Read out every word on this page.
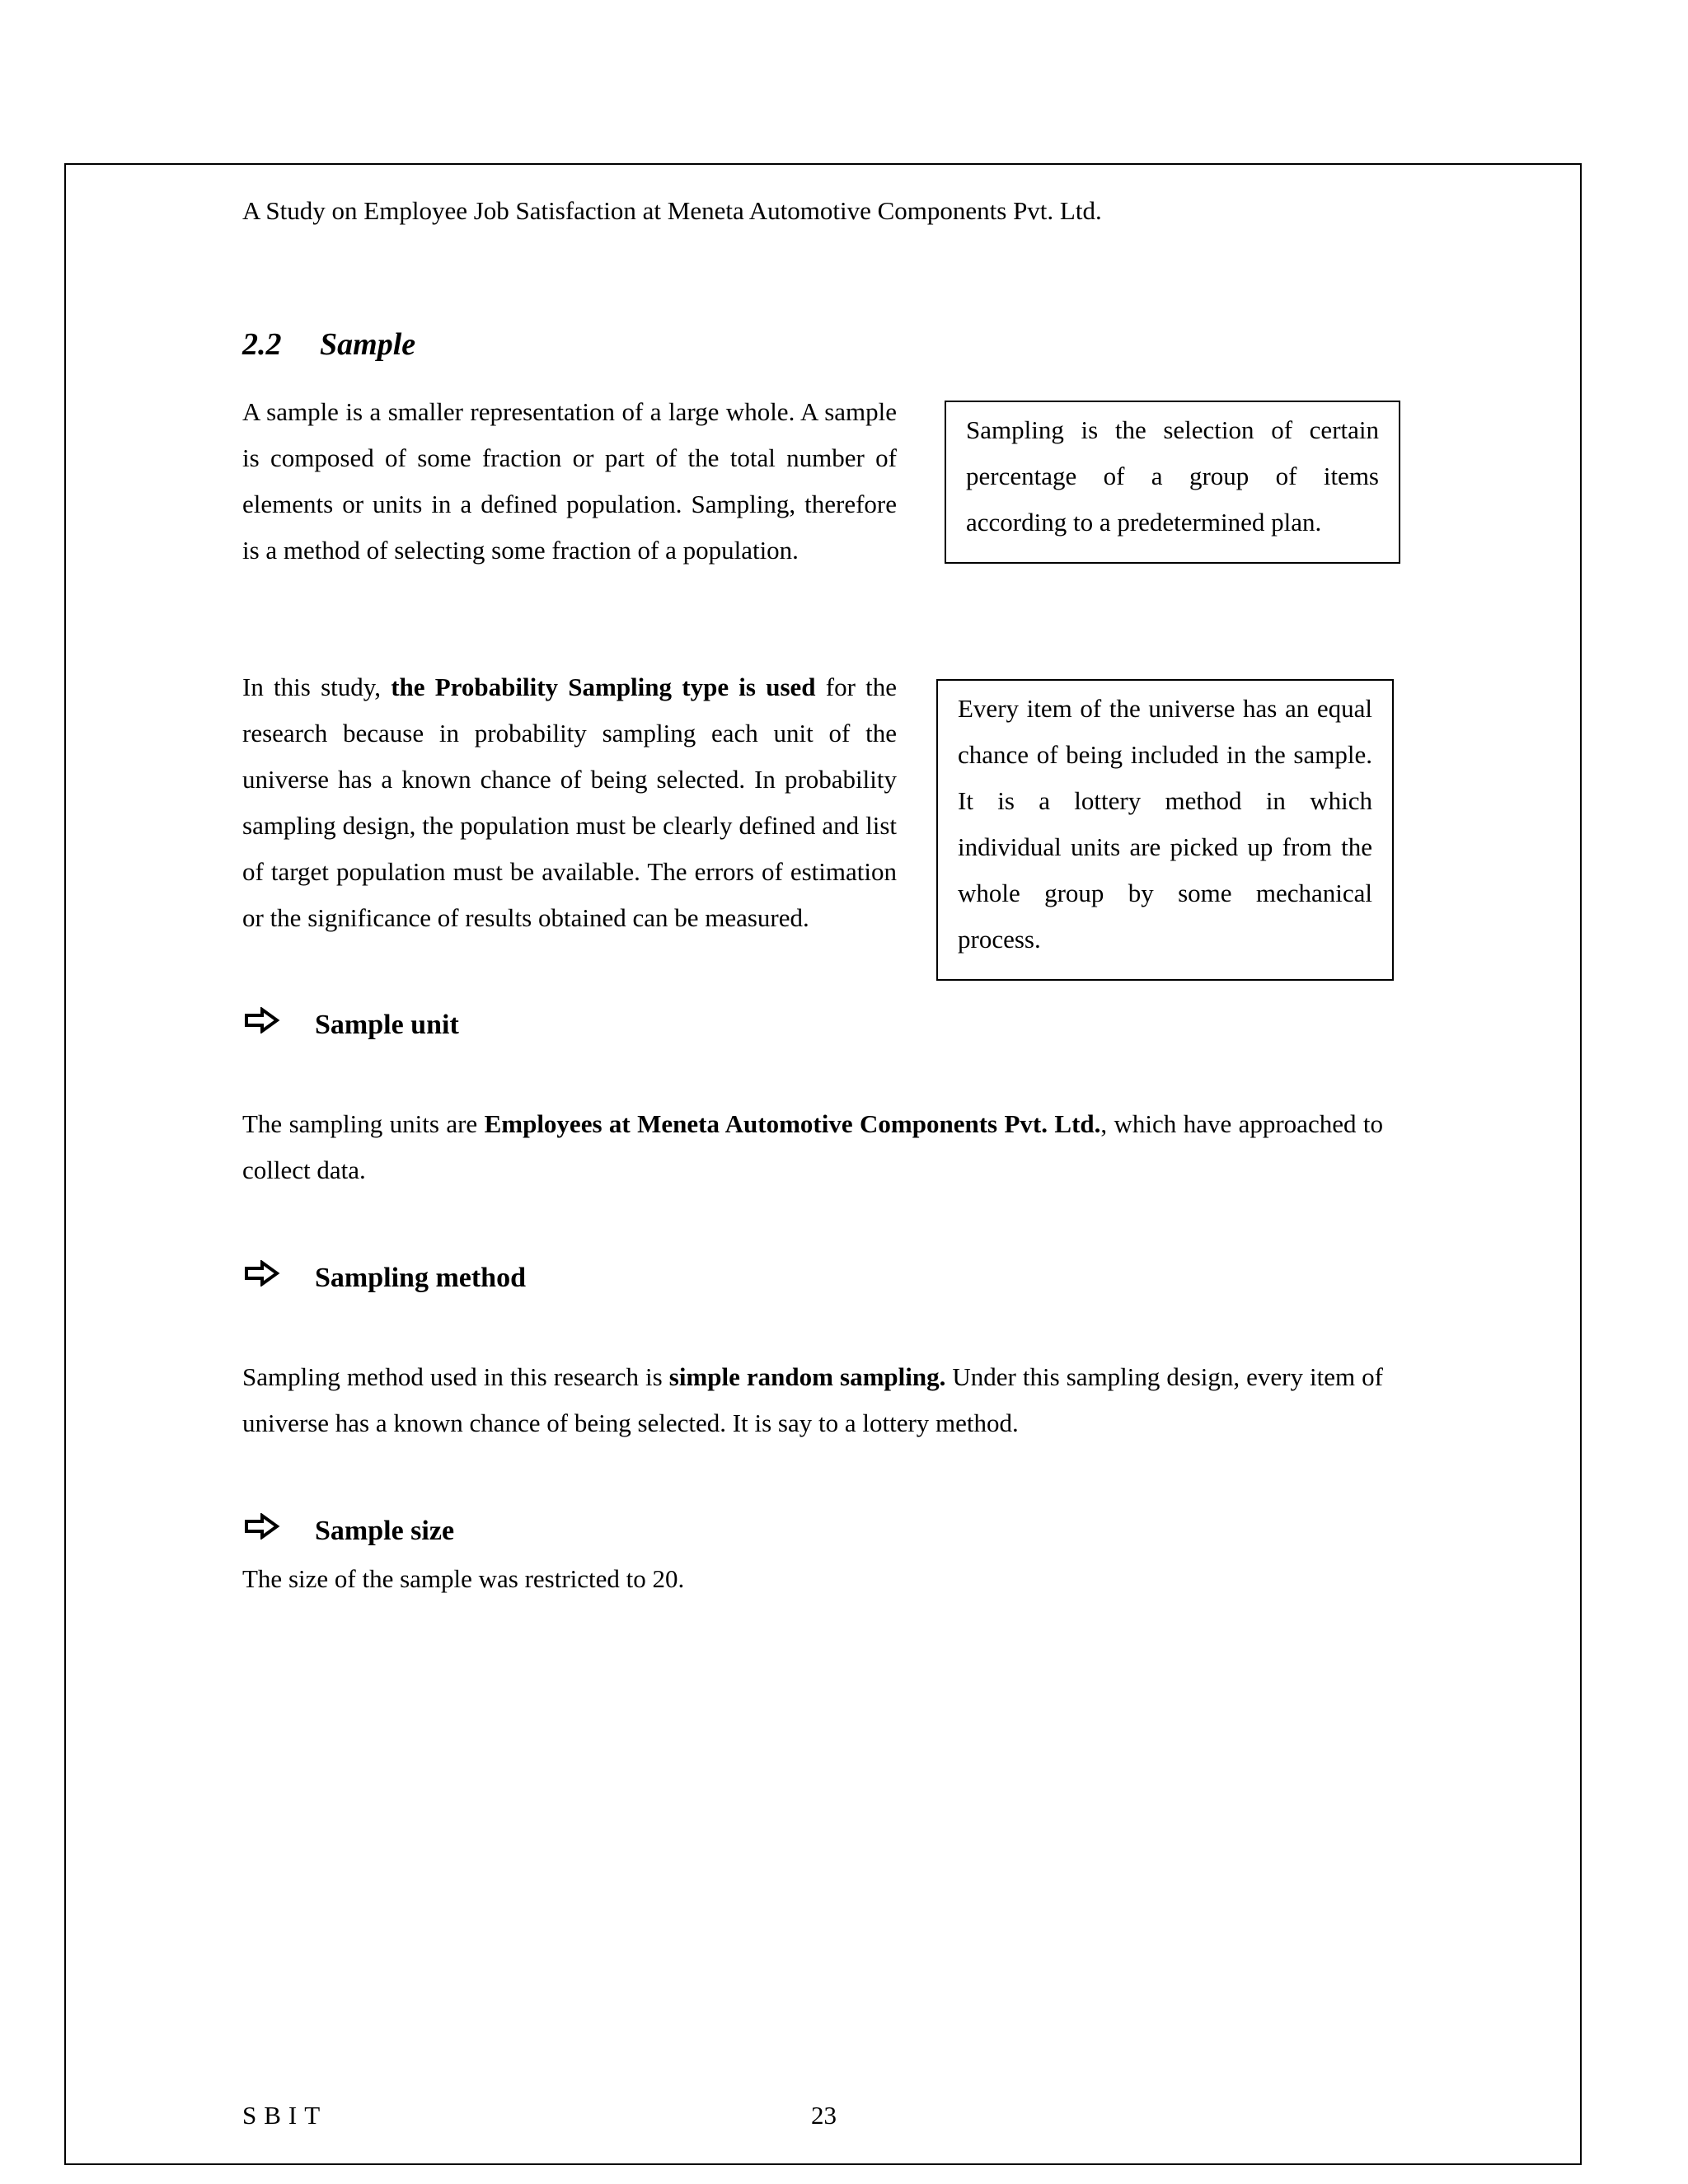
A Study on Employee Job Satisfaction at Meneta Automotive Components Pvt. Ltd.
2.2 Sample
A sample is a smaller representation of a large whole. A sample is composed of some fraction or part of the total number of elements or units in a defined population. Sampling, therefore is a method of selecting some fraction of a population.
Sampling is the selection of certain percentage of a group of items according to a predetermined plan.
In this study, the Probability Sampling type is used for the research because in probability sampling each unit of the universe has a known chance of being selected. In probability sampling design, the population must be clearly defined and list of target population must be available. The errors of estimation or the significance of results obtained can be measured.
Every item of the universe has an equal chance of being included in the sample. It is a lottery method in which individual units are picked up from the whole group by some mechanical process.
Sample unit
The sampling units are Employees at Meneta Automotive Components Pvt. Ltd., which have approached to collect data.
Sampling method
Sampling method used in this research is simple random sampling. Under this sampling design, every item of universe has a known chance of being selected. It is say to a lottery method.
Sample size
The size of the sample was restricted to 20.
SBIT	23
